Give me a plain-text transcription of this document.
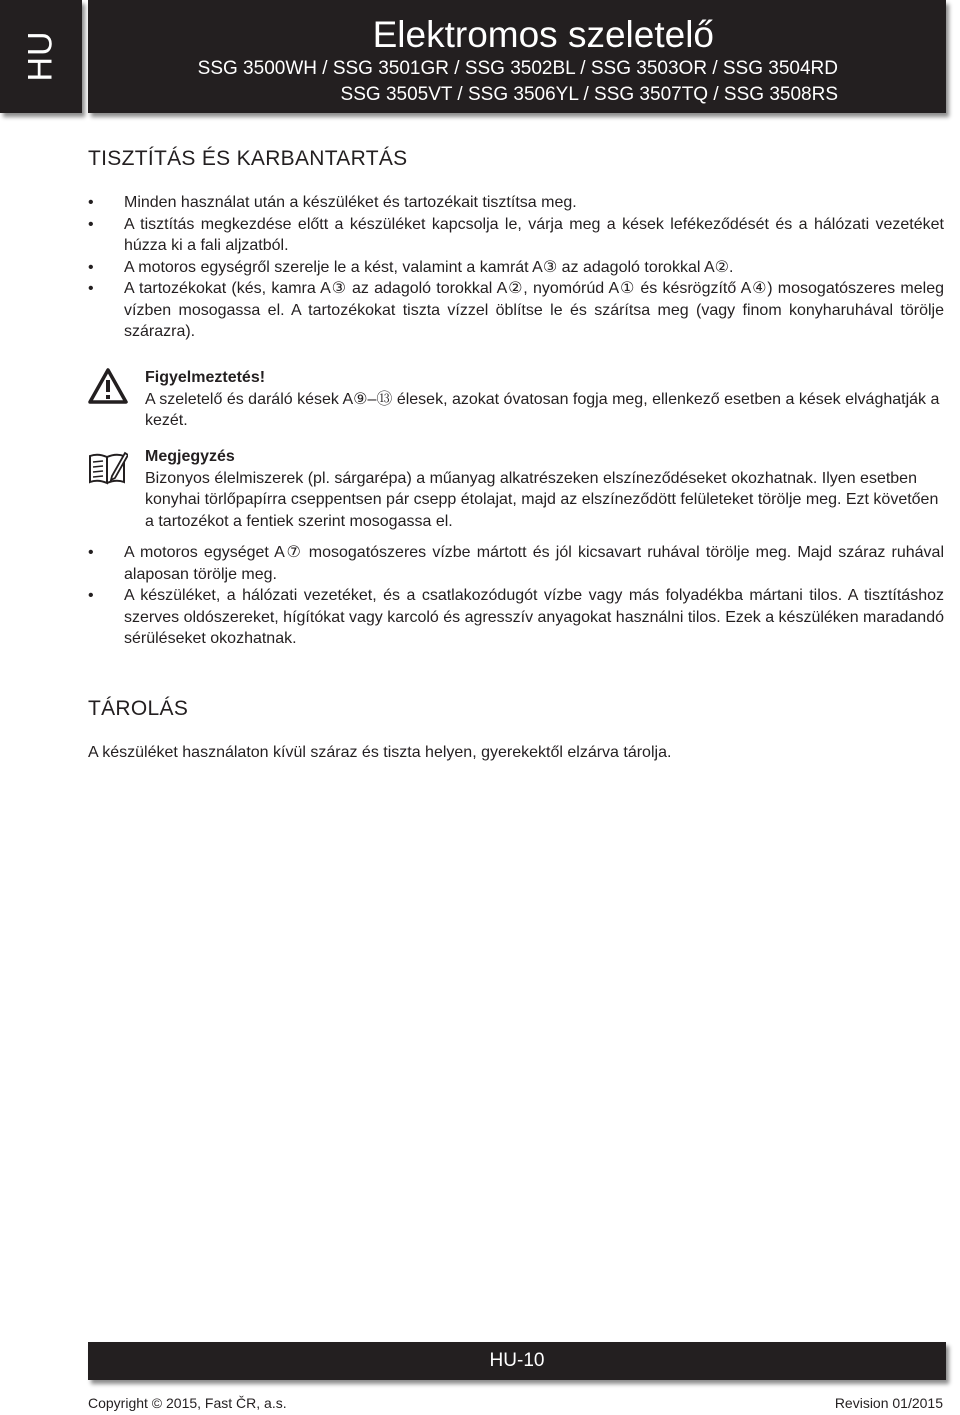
HU	Elektromos szeletelő
SSG 3500WH / SSG 3501GR / SSG 3502BL / SSG 3503OR / SSG 3504RD
SSG 3505VT / SSG 3506YL / SSG 3507TQ / SSG 3508RS
TISZTÍTÁS ÉS KARBANTARTÁS
• Minden használat után a készüléket és tartozékait tisztítsa meg.
• A tisztítás megkezdése előtt a készüléket kapcsolja le, várja meg a kések lefékeződését és a hálózati vezetéket húzza ki a fali aljzatból.
• A motoros egységről szerelje le a kést, valamint a kamrát A③ az adagoló torokkal A②.
• A tartozékokat (kés, kamra A③ az adagoló torokkal A②, nyomórúd A① és késrögzítő A④) mosogatószeres meleg vízben mosogassa el. A tartozékokat tiszta vízzel öblítse le és szárítsa meg (vagy finom konyharuhával törölje szárazra).
Figyelmeztetés!
A szeletelő és daráló kések A⑨–⑬ élesek, azokat óvatosan fogja meg, ellenkező esetben a kések elvághatják a kezét.
Megjegyzés
Bizonyos élelmiszerek (pl. sárgarépa) a műanyag alkatrészeken elszíneződéseket okozhatnak. Ilyen esetben konyhai törlőpapírra cseppentsen pár csepp étolajat, majd az elszíneződött felületeket törölje meg. Ezt követően a tartozékot a fentiek szerint mosogassa el.
• A motoros egységet A⑦ mosogatószeres vízbe mártott és jól kicsavart ruhával törölje meg. Majd száraz ruhával alaposan törölje meg.
• A készüléket, a hálózati vezetéket, és a csatlakozódugót vízbe vagy más folyadékba mártani tilos. A tisztításhoz szerves oldószereket, hígítókat vagy karcoló és agresszív anyagokat használni tilos. Ezek a készüléken maradandó sérüléseket okozhatnak.
TÁROLÁS
A készüléket használaton kívül száraz és tiszta helyen, gyerekektől elzárva tárolja.
HU-10
Copyright © 2015, Fast ČR, a.s.	Revision 01/2015
